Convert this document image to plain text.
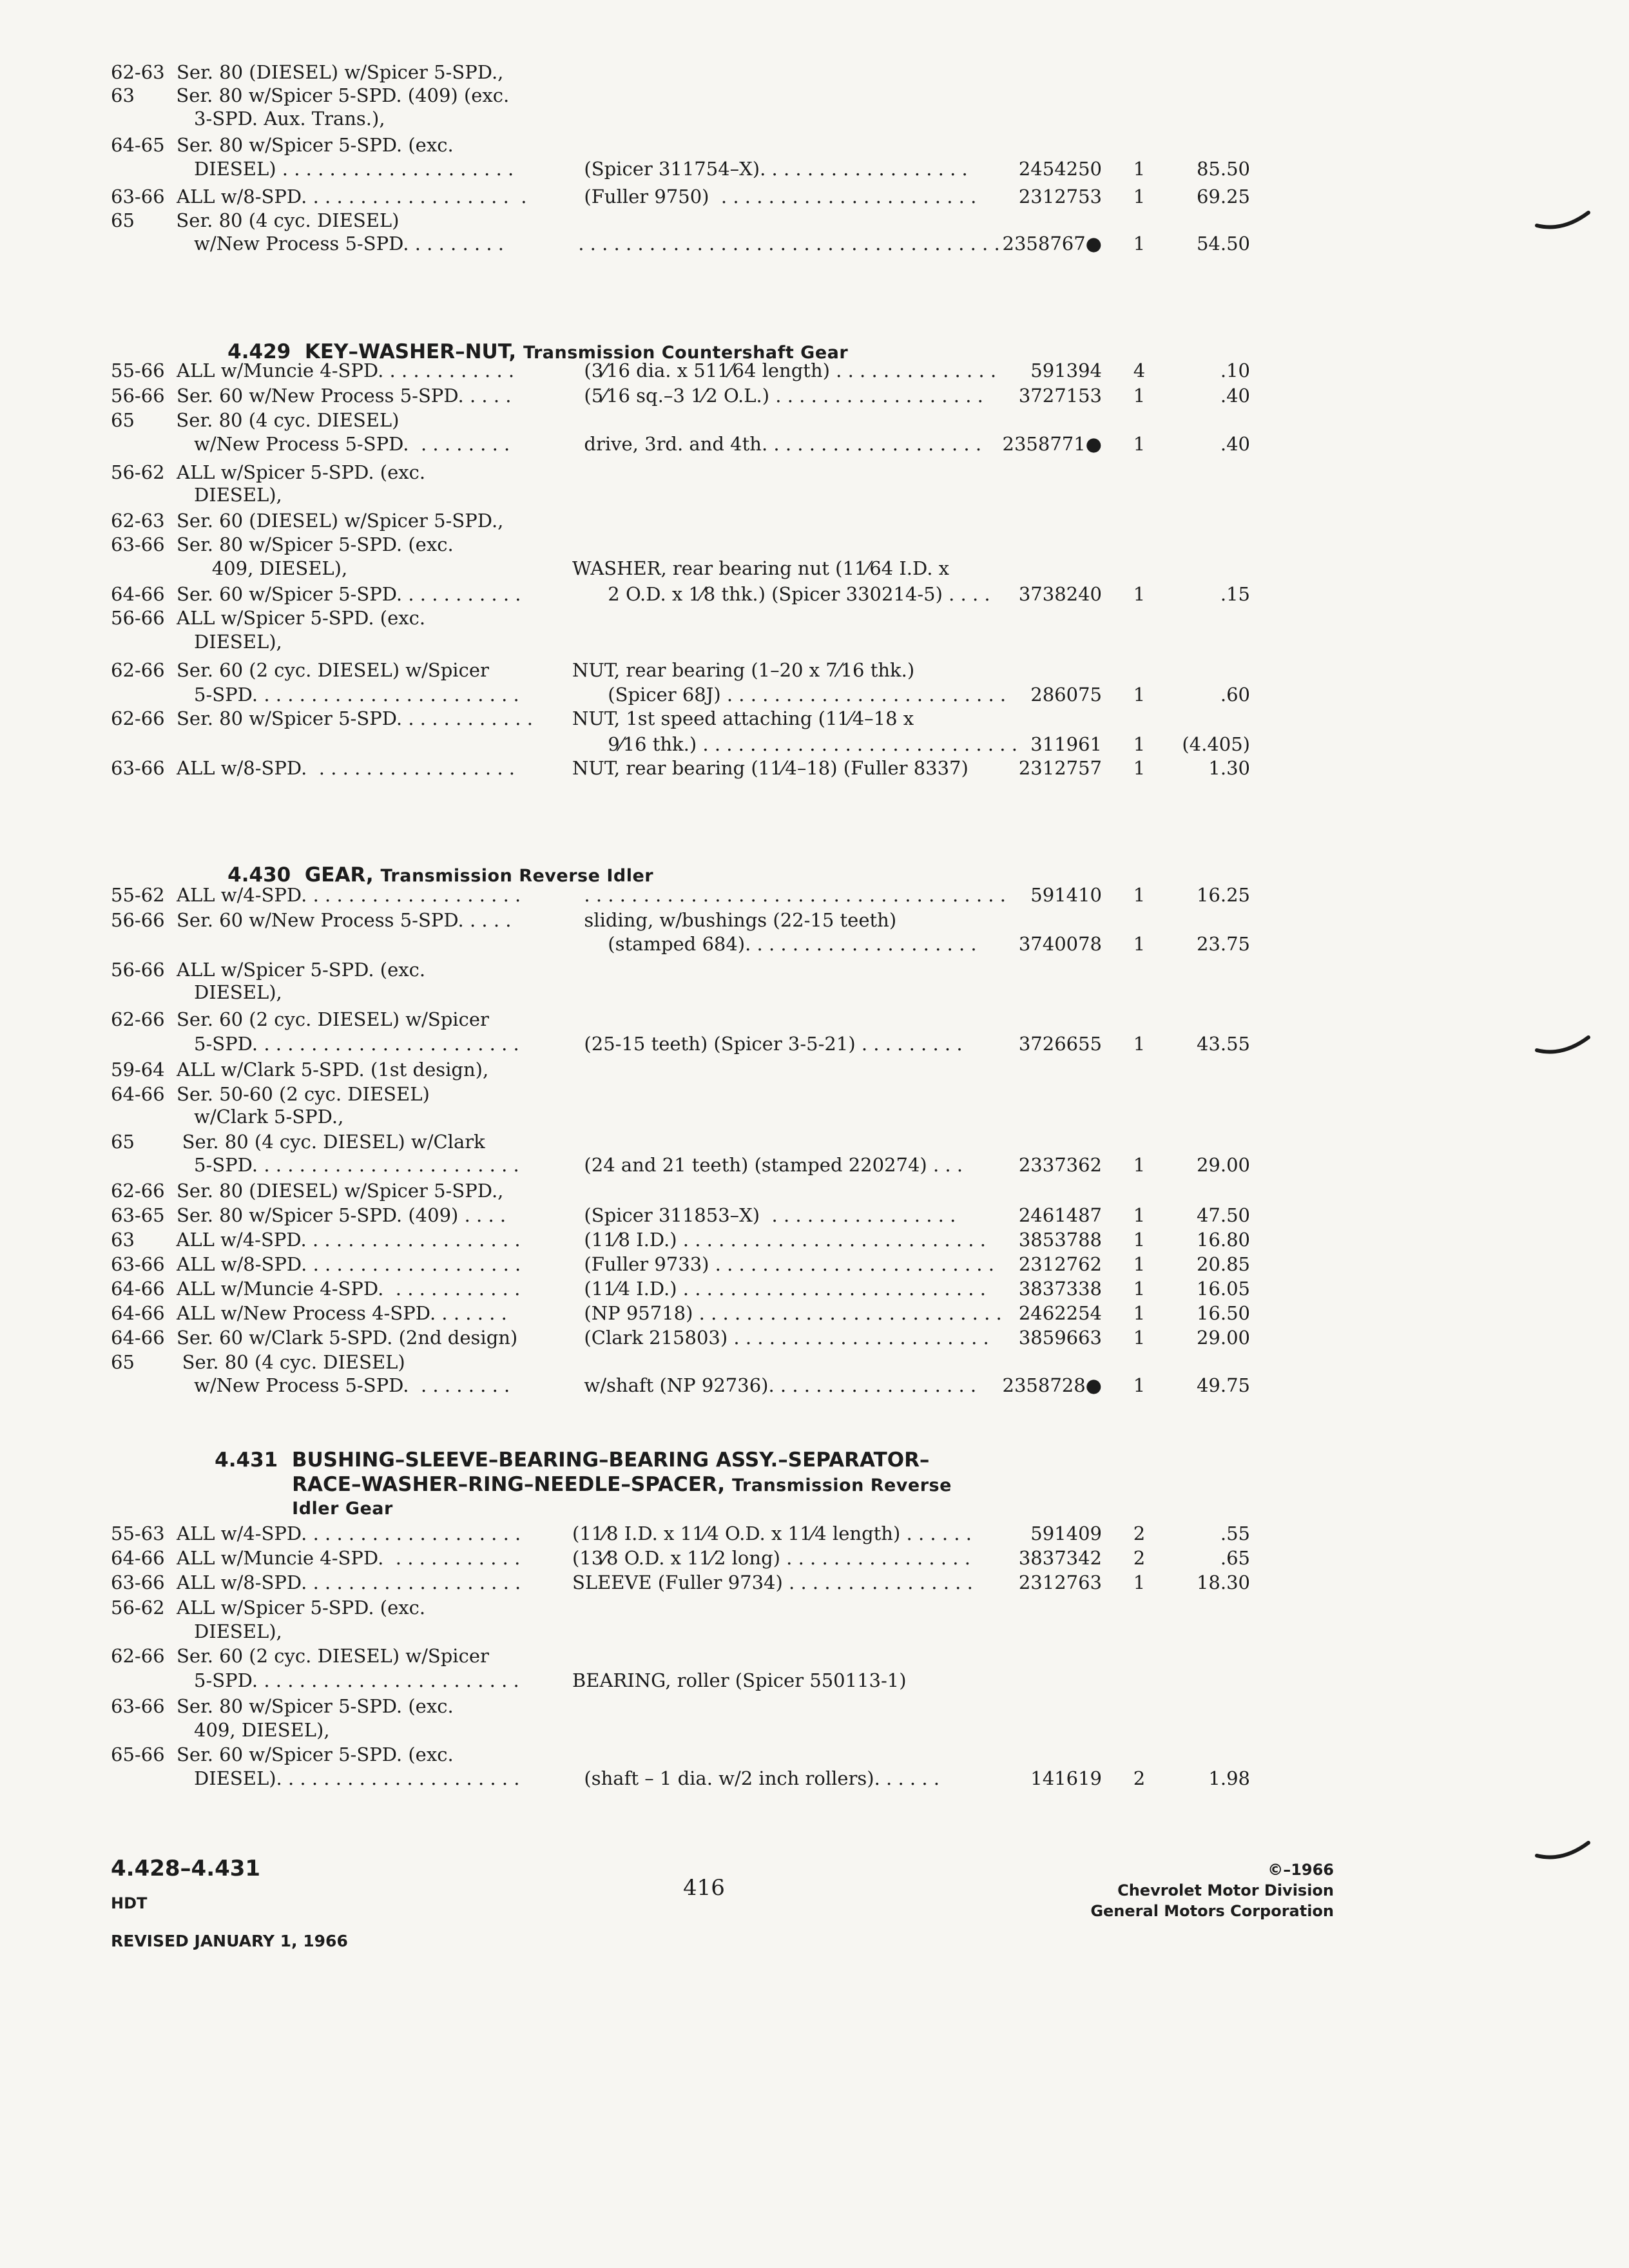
62-63  Ser. 80 (DIESEL) w/Spicer 5-SPD.,
63       Ser. 80 w/Spicer 5-SPD. (409) (exc.
3-SPD. Aux. Trans.),
64-65  Ser. 80 w/Spicer 5-SPD. (exc.
DIESEL) . . . . . . . . . . . . . . . . . . . .	(Spicer 311754–X). . . . . . . . . . . . . . . . . .	2454250	1	85.50
63-66  ALL w/8-SPD. . . . . . . . . . . . . . . . . .  . (Fuller 9750)  . . . . . . . . . . . . . . . . . . . . . .	2312753	1	69.25
65       Ser. 80 (4 cyc. DIESEL)
w/New Process 5-SPD. . . . . . . . .	. . . . . . . . . . . . . . . . . . . . . . . . . . . . . . . . . . . . 2358767●	1	54.50

4.429 KEY–WASHER–NUT, Transmission Countershaft Gear

55-66  ALL w/Muncie 4-SPD. . . . . . . . . . . .	(3⁄16 dia. x 511⁄64 length) . . . . . . . . . . . . . .	591394	4	.10
56-66  Ser. 60 w/New Process 5-SPD. . . . .	(5⁄16 sq.–3 1⁄2 O.L.) . . . . . . . . . . . . . . . . . .	3727153	1	.40
65       Ser. 80 (4 cyc. DIESEL)
w/New Process 5-SPD.  . . . . . . . .	drive, 3rd. and 4th. . . . . . . . . . . . . . . . . . .	2358771●	1	.40
56-62  ALL w/Spicer 5-SPD. (exc.
DIESEL),
62-63  Ser. 60 (DIESEL) w/Spicer 5-SPD.,
63-66  Ser. 80 w/Spicer 5-SPD. (exc.
409, DIESEL),	WASHER, rear bearing nut (11⁄64 I.D. x
64-66  Ser. 60 w/Spicer 5-SPD. . . . . . . . . . .	2 O.D. x 1⁄8 thk.) (Spicer 330214-5) . . . .	3738240	1	.15
56-66  ALL w/Spicer 5-SPD. (exc.
DIESEL),
62-66  Ser. 60 (2 cyc. DIESEL) w/Spicer	NUT, rear bearing (1–20 x 7⁄16 thk.)
5-SPD. . . . . . . . . . . . . . . . . . . . . . .	(Spicer 68J) . . . . . . . . . . . . . . . . . . . . . . . .	286075	1	.60
62-66  Ser. 80 w/Spicer 5-SPD. . . . . . . . . . . . NUT, 1st speed attaching (11⁄4–18 x
9⁄16 thk.) . . . . . . . . . . . . . . . . . . . . . . . . . . . 311961	1	(4.405)
63-66  ALL w/8-SPD.  . . . . . . . . . . . . . . . . .	NUT, rear bearing (11⁄4–18) (Fuller 8337)	2312757	1	1.30

4.430 GEAR, Transmission Reverse Idler

55-62  ALL w/4-SPD. . . . . . . . . . . . . . . . . . .	. . . . . . . . . . . . . . . . . . . . . . . . . . . . . . . . . . . .	591410	1	16.25
56-66  Ser. 60 w/New Process 5-SPD. . . . .	sliding, w/bushings (22-15 teeth)
(stamped 684). . . . . . . . . . . . . . . . . . . .	3740078	1	23.75
56-66  ALL w/Spicer 5-SPD. (exc.
DIESEL),
62-66  Ser. 60 (2 cyc. DIESEL) w/Spicer
5-SPD. . . . . . . . . . . . . . . . . . . . . . .	(25-15 teeth) (Spicer 3-5-21) . . . . . . . . .	3726655	1	43.55
59-64  ALL w/Clark 5-SPD. (1st design),
64-66  Ser. 50-60 (2 cyc. DIESEL)
w/Clark 5-SPD.,
65        Ser. 80 (4 cyc. DIESEL) w/Clark
5-SPD. . . . . . . . . . . . . . . . . . . . . . .	(24 and 21 teeth) (stamped 220274) . . .	2337362	1	29.00
62-66  Ser. 80 (DIESEL) w/Spicer 5-SPD.,
63-65  Ser. 80 w/Spicer 5-SPD. (409) . . . .	(Spicer 311853–X)  . . . . . . . . . . . . . . . .	2461487	1	47.50
63       ALL w/4-SPD. . . . . . . . . . . . . . . . . . .	(11⁄8 I.D.) . . . . . . . . . . . . . . . . . . . . . . . . . .	3853788	1	16.80
63-66  ALL w/8-SPD. . . . . . . . . . . . . . . . . . .	(Fuller 9733) . . . . . . . . . . . . . . . . . . . . . . . .	2312762	1	20.85
64-66  ALL w/Muncie 4-SPD.  . . . . . . . . . . .	(11⁄4 I.D.) . . . . . . . . . . . . . . . . . . . . . . . . . .	3837338	1	16.05
64-66  ALL w/New Process 4-SPD. . . . . . .	(NP 95718) . . . . . . . . . . . . . . . . . . . . . . . . . . 2462254	1	16.50
64-66  Ser. 60 w/Clark 5-SPD. (2nd design)	(Clark 215803) . . . . . . . . . . . . . . . . . . . . . .	3859663	1	29.00
65        Ser. 80 (4 cyc. DIESEL)
w/New Process 5-SPD.  . . . . . . . .	w/shaft (NP 92736). . . . . . . . . . . . . . . . . .	2358728●	1	49.75

4.431 BUSHING–SLEEVE–BEARING–BEARING ASSY.–SEPARATOR–

RACE–WASHER–RING–NEEDLE–SPACER, Transmission Reverse

Idler Gear

55-63  ALL w/4-SPD. . . . . . . . . . . . . . . . . . .	(11⁄8 I.D. x 11⁄4 O.D. x 11⁄4 length) . . . . . .	591409	2	.55
64-66  ALL w/Muncie 4-SPD.  . . . . . . . . . . .	(13⁄8 O.D. x 11⁄2 long) . . . . . . . . . . . . . . . .	3837342	2	.65
63-66  ALL w/8-SPD. . . . . . . . . . . . . . . . . . .	SLEEVE (Fuller 9734) . . . . . . . . . . . . . . . .	2312763	1	18.30
56-62  ALL w/Spicer 5-SPD. (exc.
DIESEL),
62-66  Ser. 60 (2 cyc. DIESEL) w/Spicer
5-SPD. . . . . . . . . . . . . . . . . . . . . . .	BEARING, roller (Spicer 550113-1)
63-66  Ser. 80 w/Spicer 5-SPD. (exc.
409, DIESEL),
65-66  Ser. 60 w/Spicer 5-SPD. (exc.
DIESEL). . . . . . . . . . . . . . . . . . . . .	(shaft – 1 dia. w/2 inch rollers). . . . . .	141619	2	1.98
4.428–4.431
HDT
REVISED JANUARY 1, 1966
416
©–1966
Chevrolet Motor Division
General Motors Corporation
